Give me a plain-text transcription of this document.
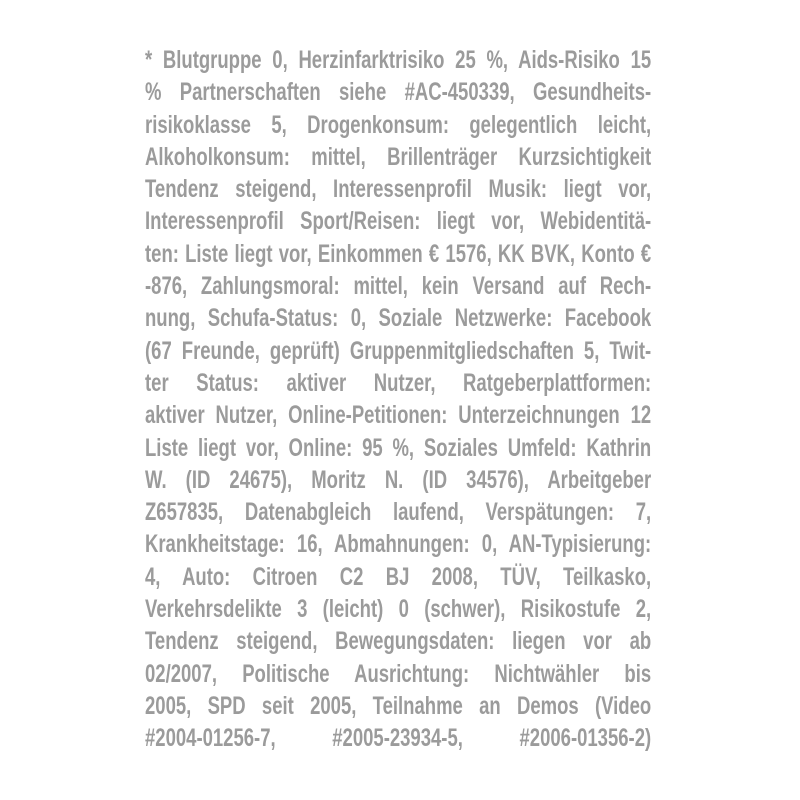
* Blutgruppe 0, Herzinfarktrisiko 25 %, Aids-Risiko 15
% Partnerschaften siehe #AC-450339, Gesundheits-
risikoklasse 5, Drogenkonsum: gelegentlich leicht,
Alkoholkonsum: mittel, Brillenträger Kurzsichtigkeit
Tendenz steigend, Interessenprofil Musik: liegt vor,
Interessenprofil Sport/Reisen: liegt vor, Webidentitä-
ten: Liste liegt vor, Einkommen € 1576, KK BVK, Konto €
-876, Zahlungsmoral: mittel, kein Versand auf Rech-
nung, Schufa-Status: 0, Soziale Netzwerke: Facebook
(67 Freunde, geprüft) Gruppenmitgliedschaften 5, Twit-
ter Status: aktiver Nutzer, Ratgeberplattformen:
aktiver Nutzer, Online-Petitionen: Unterzeichnungen 12
Liste liegt vor, Online: 95 %, Soziales Umfeld: Kathrin
W. (ID 24675), Moritz N. (ID 34576), Arbeitgeber
Z657835, Datenabgleich laufend, Verspätungen: 7,
Krankheitstage: 16, Abmahnungen: 0, AN-Typisierung:
4, Auto: Citroen C2 BJ 2008, TÜV, Teilkasko,
Verkehrsdelikte 3 (leicht) 0 (schwer), Risikostufe 2,
Tendenz steigend, Bewegungsdaten: liegen vor ab
02/2007, Politische Ausrichtung: Nichtwähler bis
2005, SPD seit 2005, Teilnahme an Demos (Video
#2004-01256-7, #2005-23934-5, #2006-01356-2)
